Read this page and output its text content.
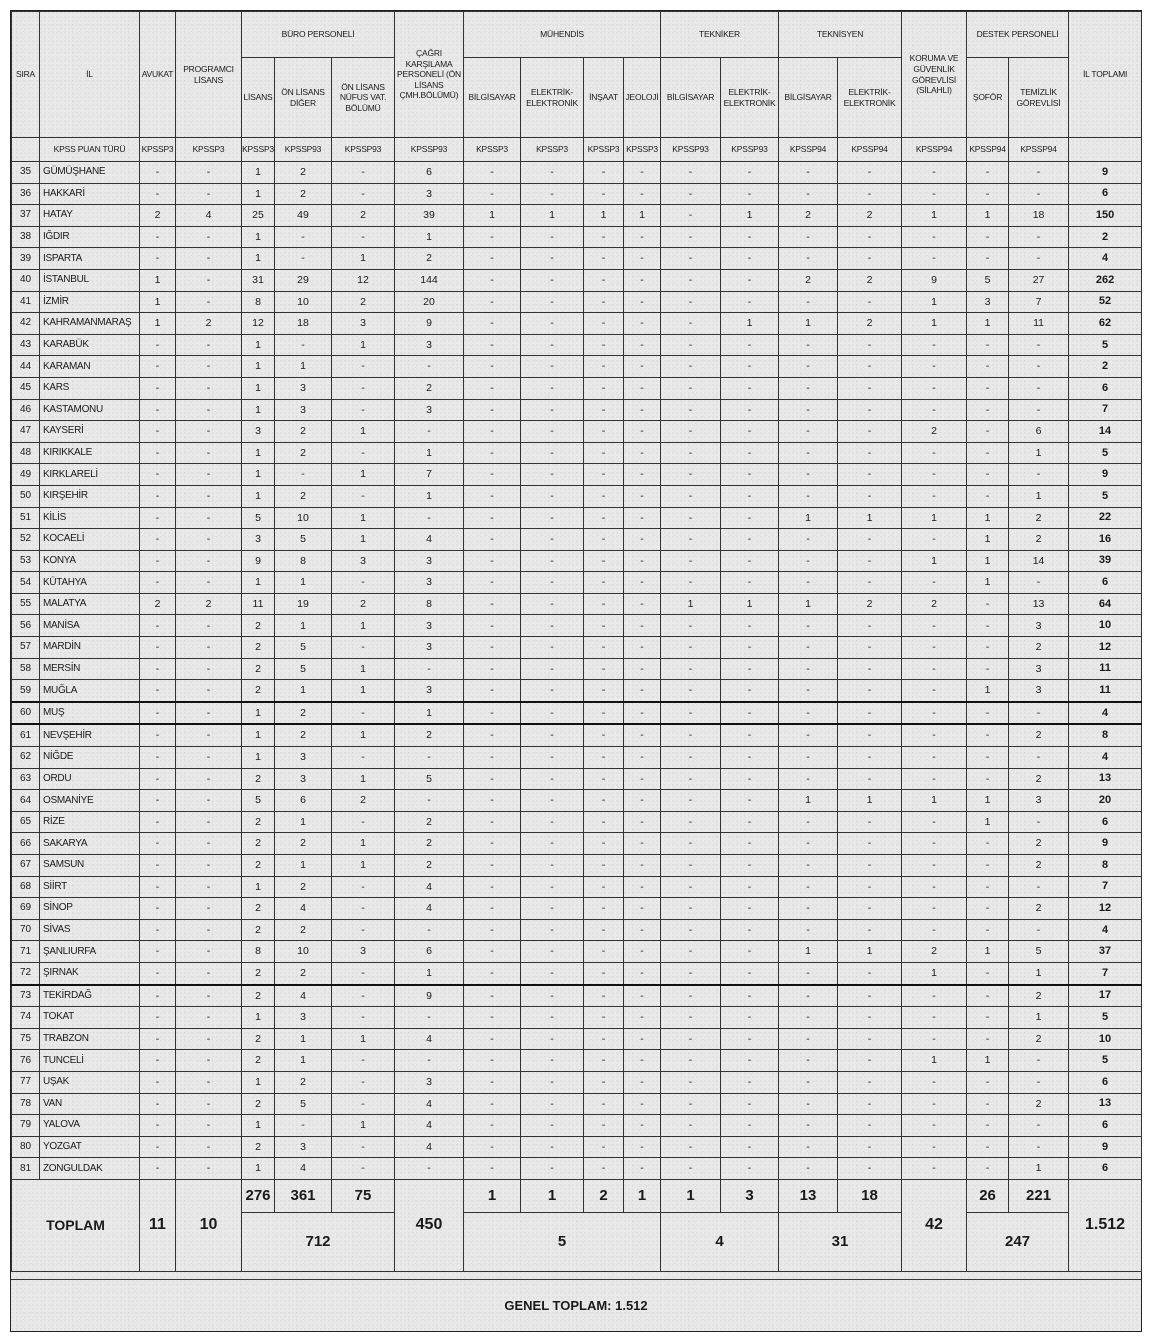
SIRA	İL	AVUKAT	PROGRAMCI LİSANS	BÜRO PERSONELİ			ÇAĞRI KARŞILAMA PERSONELİ (ÖN LİSANS ÇMH.BÖLÜMÜ)	MÜHENDİS				TEKNİKER		TEKNİSYEN		KORUMA VE GÜVENLİK GÖREVLİSİ (SİLAHLI)	DESTEK PERSONELİ		İL TOPLAMI
				LİSANS	ÖN LİSANS DİĞER	ÖN LİSANS NÜFUS VAT. BÖLÜMÜ		BİLGİSAYAR	ELEKTRİK-ELEKTRONİK	İNŞAAT	JEOLOJİ	BİLGİSAYAR	ELEKTRİK-ELEKTRONİK	BİLGİSAYAR	ELEKTRİK-ELEKTRONİK		ŞOFÖR	TEMİZLİK GÖREVLİSİ	
	KPSS PUAN TÜRÜ	KPSSP3	KPSSP3	KPSSP3	KPSSP93	KPSSP93	KPSSP93	KPSSP3	KPSSP3	KPSSP3	KPSSP3	KPSSP93	KPSSP93	KPSSP94	KPSSP94	KPSSP94	KPSSP94	KPSSP94	
35	GÜMÜŞHANE	-	-	1	2	-	6	-	-	-	-	-	-	-	-	-	-	-	9
36	HAKKARİ	-	-	1	2	-	3	-	-	-	-	-	-	-	-	-	-	-	6
37	HATAY	2	4	25	49	2	39	1	1	1	1	-	1	2	2	1	1	18	150
38	IĞDIR	-	-	1	-	-	1	-	-	-	-	-	-	-	-	-	-	-	2
39	ISPARTA	-	-	1	-	1	2	-	-	-	-	-	-	-	-	-	-	-	4
40	İSTANBUL	1	-	31	29	12	144	-	-	-	-	-	-	2	2	9	5	27	262
41	İZMİR	1	-	8	10	2	20	-	-	-	-	-	-	-	-	1	3	7	52
42	KAHRAMANMARAŞ	1	2	12	18	3	9	-	-	-	-	-	1	1	2	1	1	11	62
43	KARABÜK	-	-	1	-	1	3	-	-	-	-	-	-	-	-	-	-	-	5
44	KARAMAN	-	-	1	1	-	-	-	-	-	-	-	-	-	-	-	-	-	2
45	KARS	-	-	1	3	-	2	-	-	-	-	-	-	-	-	-	-	-	6
46	KASTAMONU	-	-	1	3	-	3	-	-	-	-	-	-	-	-	-	-	-	7
47	KAYSERİ	-	-	3	2	1	-	-	-	-	-	-	-	-	-	2	-	6	14
48	KIRIKKALE	-	-	1	2	-	1	-	-	-	-	-	-	-	-	-	-	1	5
49	KIRKLARELİ	-	-	1	-	1	7	-	-	-	-	-	-	-	-	-	-	-	9
50	KIRŞEHİR	-	-	1	2	-	1	-	-	-	-	-	-	-	-	-	-	1	5
51	KİLİS	-	-	5	10	1	-	-	-	-	-	-	-	1	1	1	1	2	22
52	KOCAELİ	-	-	3	5	1	4	-	-	-	-	-	-	-	-	-	1	2	16
53	KONYA	-	-	9	8	3	3	-	-	-	-	-	-	-	-	1	1	14	39
54	KÜTAHYA	-	-	1	1	-	3	-	-	-	-	-	-	-	-	-	1	-	6
55	MALATYA	2	2	11	19	2	8	-	-	-	-	1	1	1	2	2	-	13	64
56	MANİSA	-	-	2	1	1	3	-	-	-	-	-	-	-	-	-	-	3	10
57	MARDİN	-	-	2	5	-	3	-	-	-	-	-	-	-	-	-	-	2	12
58	MERSİN	-	-	2	5	1	-	-	-	-	-	-	-	-	-	-	-	3	11
59	MUĞLA	-	-	2	1	1	3	-	-	-	-	-	-	-	-	-	1	3	11
60	MUŞ	-	-	1	2	-	1	-	-	-	-	-	-	-	-	-	-	-	4
61	NEVŞEHİR	-	-	1	2	1	2	-	-	-	-	-	-	-	-	-	-	2	8
62	NİĞDE	-	-	1	3	-	-	-	-	-	-	-	-	-	-	-	-	-	4
63	ORDU	-	-	2	3	1	5	-	-	-	-	-	-	-	-	-	-	2	13
64	OSMANİYE	-	-	5	6	2	-	-	-	-	-	-	-	1	1	1	1	3	20
65	RİZE	-	-	2	1	-	2	-	-	-	-	-	-	-	-	-	1	-	6
66	SAKARYA	-	-	2	2	1	2	-	-	-	-	-	-	-	-	-	-	2	9
67	SAMSUN	-	-	2	1	1	2	-	-	-	-	-	-	-	-	-	-	2	8
68	SİİRT	-	-	1	2	-	4	-	-	-	-	-	-	-	-	-	-	-	7
69	SİNOP	-	-	2	4	-	4	-	-	-	-	-	-	-	-	-	-	2	12
70	SİVAS	-	-	2	2	-	-	-	-	-	-	-	-	-	-	-	-	-	4
71	ŞANLIURFA	-	-	8	10	3	6	-	-	-	-	-	-	1	1	2	1	5	37
72	ŞIRNAK	-	-	2	2	-	1	-	-	-	-	-	-	-	-	1	-	1	7
73	TEKİRDAĞ	-	-	2	4	-	9	-	-	-	-	-	-	-	-	-	-	2	17
74	TOKAT	-	-	1	3	-	-	-	-	-	-	-	-	-	-	-	-	1	5
75	TRABZON	-	-	2	1	1	4	-	-	-	-	-	-	-	-	-	-	2	10
76	TUNCELİ	-	-	2	1	-	-	-	-	-	-	-	-	-	-	1	1	-	5
77	UŞAK	-	-	1	2	-	3	-	-	-	-	-	-	-	-	-	-	-	6
78	VAN	-	-	2	5	-	4	-	-	-	-	-	-	-	-	-	-	2	13
79	YALOVA	-	-	1	-	1	4	-	-	-	-	-	-	-	-	-	-	-	6
80	YOZGAT	-	-	2	3	-	4	-	-	-	-	-	-	-	-	-	-	-	9
81	ZONGULDAK	-	-	1	4	-	-	-	-	-	-	-	-	-	-	-	-	1	6
TOPLAM		11	10	276	361	75	450	1	1	2	1	1	3	13	18	42	26	221	1.512
				712				5				4		31			247		
GENEL TOPLAM: 1.512
